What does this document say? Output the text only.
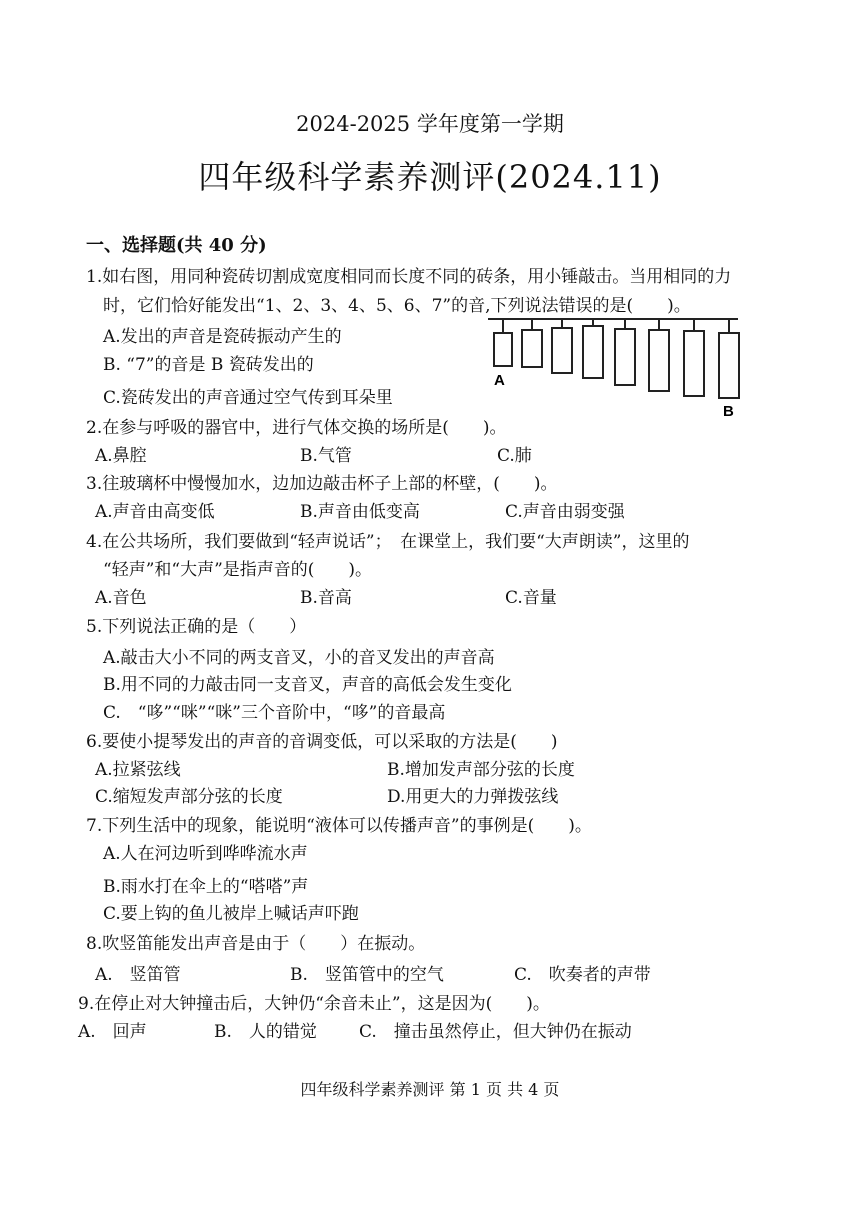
2024-2025 学年度第一学期
四年级科学素养测评(2024.11)
一、选择题(共 40 分)
1.如右图，用同种瓷砖切割成宽度相同而长度不同的砖条，用小锤敲击。当用相同的力
时，它们恰好能发出“1、2、3、4、5、6、7”的音,下列说法错误的是(　　)。
A.发出的声音是瓷砖振动产生的
B. “7”的音是 B 瓷砖发出的
C.瓷砖发出的声音通过空气传到耳朵里
A
B
2.在参与呼吸的器官中，进行气体交换的场所是(　　)。
A.鼻腔	B.气管	C.肺
3.往玻璃杯中慢慢加水，边加边敲击杯子上部的杯壁，(　　)。
A.声音由高变低	B.声音由低变高	C.声音由弱变强
4.在公共场所，我们要做到“轻声说话”；　在课堂上，我们要“大声朗读”，这里的
“轻声”和“大声”是指声音的(　　)。
A.音色	B.音高	C.音量
5.下列说法正确的是（　　）
A.敲击大小不同的两支音叉，小的音叉发出的声音高
B.用不同的力敲击同一支音叉，声音的高低会发生变化
C.　“哆”“咪”“咪”三个音阶中，“哆”的音最高
6.要使小提琴发出的声音的音调变低，可以采取的方法是(　　)
A.拉紧弦线	B.增加发声部分弦的长度
C.缩短发声部分弦的长度	D.用更大的力弹拨弦线
7.下列生活中的现象，能说明“液体可以传播声音”的事例是(　　)。
A.人在河边听到哗哗流水声
B.雨水打在伞上的“嗒嗒”声
C.要上钩的鱼儿被岸上喊话声吓跑
8.吹竖笛能发出声音是由于（　　）在振动。
A.　竖笛管	B.　竖笛管中的空气	C.　吹奏者的声带
9.在停止对大钟撞击后，大钟仍“余音未止”，这是因为(　　)。
A.　回声	B.　人的错觉 C.　撞击虽然停止，但大钟仍在振动
四年级科学素养测评 第 1 页 共 4 页
